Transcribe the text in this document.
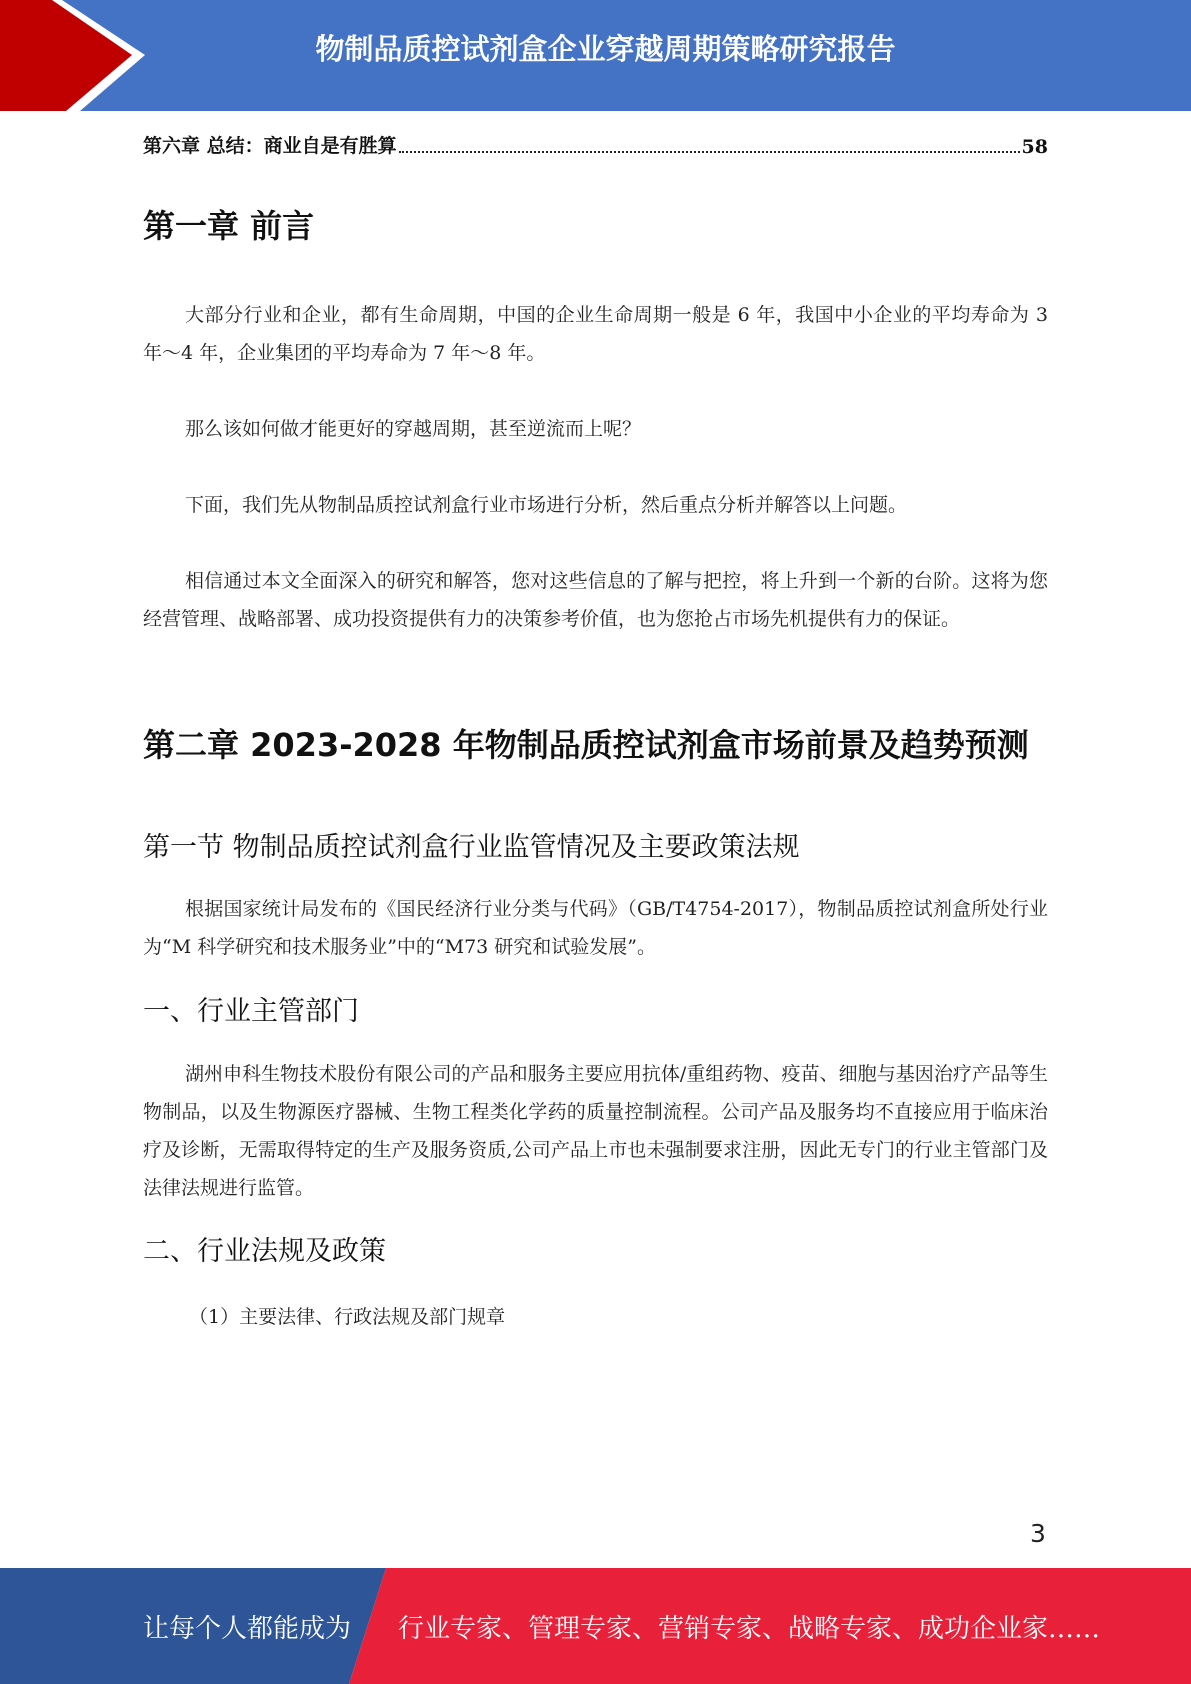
物制品质控试剂盒企业穿越周期策略研究报告
第六章 总结：商业自是有胜算	58
第一章 前言

大部分行业和企业，都有生命周期，中国的企业生命周期一般是 6 年，我国中小企业的平均寿命为 3 年～4 年，企业集团的平均寿命为 7 年～8 年。

那么该如何做才能更好的穿越周期，甚至逆流而上呢？

下面，我们先从物制品质控试剂盒行业市场进行分析，然后重点分析并解答以上问题。

相信通过本文全面深入的研究和解答，您对这些信息的了解与把控，将上升到一个新的台阶。这将为您经营管理、战略部署、成功投资提供有力的决策参考价值，也为您抢占市场先机提供有力的保证。

第二章 2023-2028 年物制品质控试剂盒市场前景及趋势预测
第一节 物制品质控试剂盒行业监管情况及主要政策法规

根据国家统计局发布的《国民经济行业分类与代码》（GB/T4754-2017），物制品质控试剂盒所处行业为“M 科学研究和技术服务业”中的“M73 研究和试验发展”。

一、行业主管部门

湖州申科生物技术股份有限公司的产品和服务主要应用抗体/重组药物、疫苗、细胞与基因治疗产品等生物制品，以及生物源医疗器械、生物工程类化学药的质量控制流程。公司产品及服务均不直接应用于临床治疗及诊断，无需取得特定的生产及服务资质,公司产品上市也未强制要求注册，因此无专门的行业主管部门及法律法规进行监管。

二、行业法规及政策

（1）主要法律、行政法规及部门规章

3
让每个人都能成为 行业专家、管理专家、营销专家、战略专家、成功企业家……
